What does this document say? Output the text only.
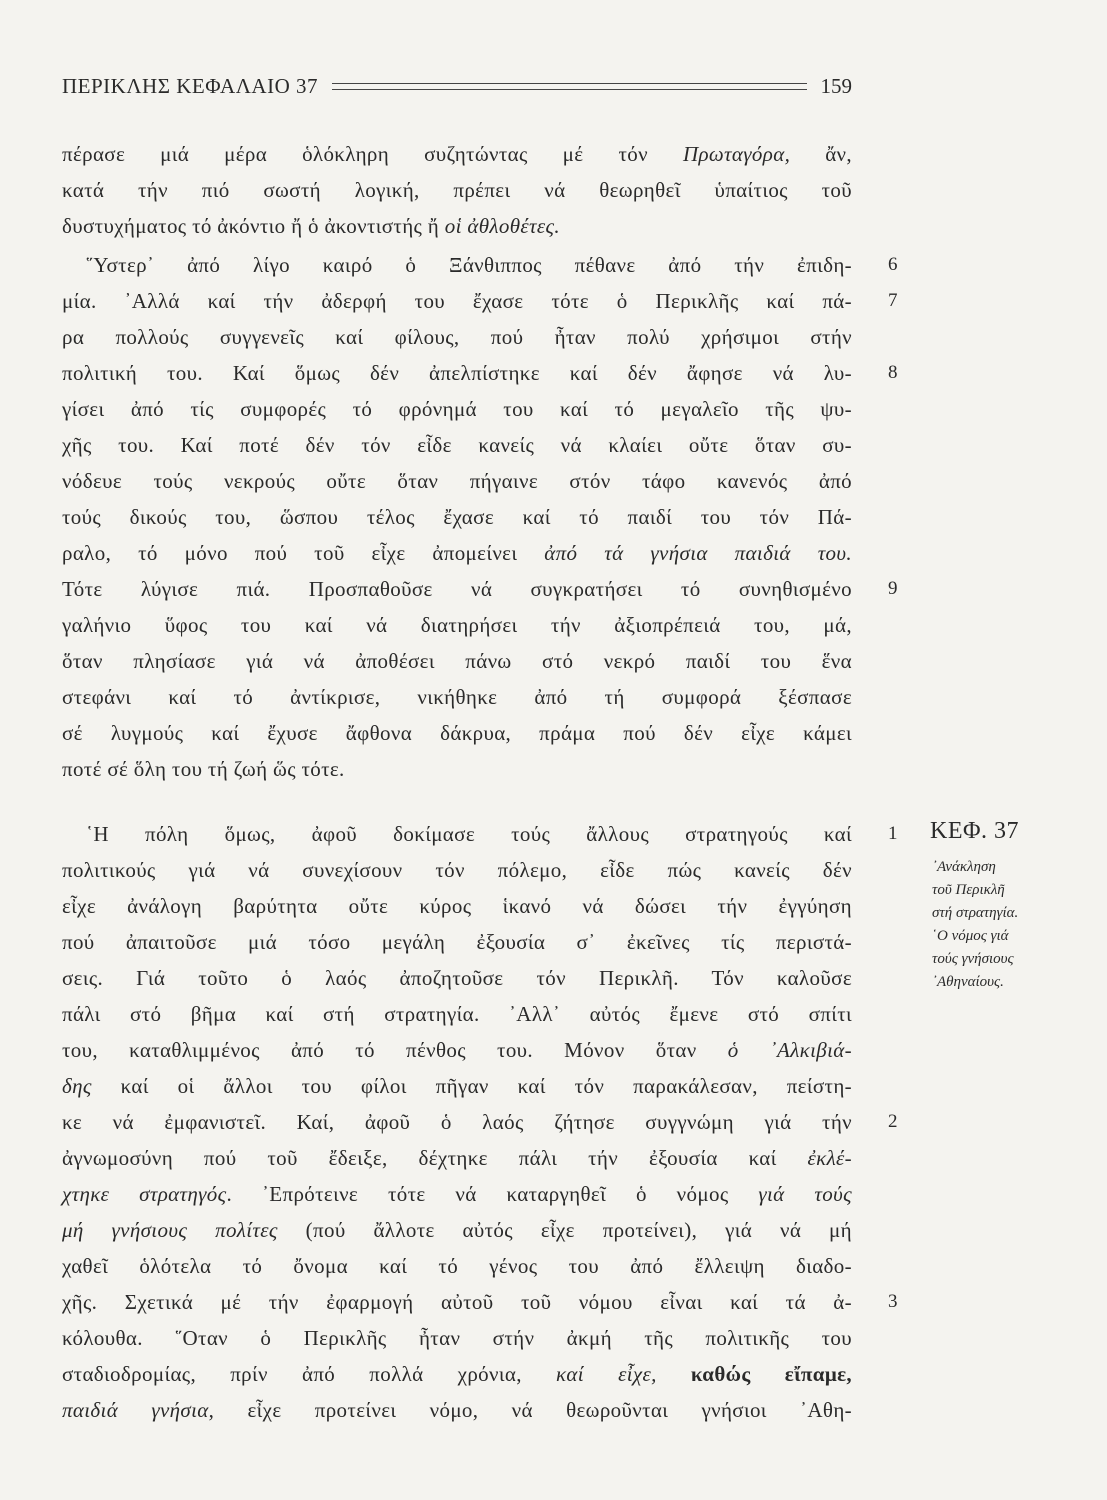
ΠΕΡΙΚΛΗΣ ΚΕΦΑΛΑΙΟ 37	159
πέρασε μιά μέρα ὁλόκληρη συζητώντας μέ τόν Πρωταγόρα, ἄν,
κατά τήν πιό σωστή λογική, πρέπει νά θεωρηθεῖ ὑπαίτιος τοῦ
δυστυχήματος τό ἀκόντιο ἤ ὁ ἀκοντιστής ἤ οἱ ἀθλοθέτες.
῞Υστερ᾽ ἀπό λίγο καιρό ὁ Ξάνθιππος πέθανε ἀπό τήν ἐπιδη-
μία. ᾿Αλλά καί τήν ἀδερφή του ἔχασε τότε ὁ Περικλῆς καί πά-
ρα πολλούς συγγενεῖς καί φίλους, πού ἦταν πολύ χρήσιμοι στήν
πολιτική του. Καί ὅμως δέν ἀπελπίστηκε καί δέν ἄφησε νά λυ-
γίσει ἀπό τίς συμφορές τό φρόνημά του καί τό μεγαλεῖο τῆς ψυ-
χῆς του. Καί ποτέ δέν τόν εἶδε κανείς νά κλαίει οὔτε ὅταν συ-
νόδευε τούς νεκρούς οὔτε ὅταν πήγαινε στόν τάφο κανενός ἀπό
τούς δικούς του, ὥσπου τέλος ἔχασε καί τό παιδί του τόν Πά-
ραλο, τό μόνο πού τοῦ εἶχε ἀπομείνει ἀπό τά γνήσια παιδιά του.
Τότε λύγισε πιά. Προσπαθοῦσε νά συγκρατήσει τό συνηθισμένο
γαλήνιο ὕφος του καί νά διατηρήσει τήν ἀξιοπρέπειά του, μά,
ὅταν πλησίασε γιά νά ἀποθέσει πάνω στό νεκρό παιδί του ἕνα
στεφάνι καί τό ἀντίκρισε, νικήθηκε ἀπό τή συμφορά ξέσπασε
σέ λυγμούς καί ἔχυσε ἄφθονα δάκρυα, πράμα πού δέν εἶχε κάμει
ποτέ σέ ὅλη του τή ζωή ὥς τότε.
῾Η πόλη ὅμως, ἀφοῦ δοκίμασε τούς ἄλλους στρατηγούς καί
πολιτικούς γιά νά συνεχίσουν τόν πόλεμο, εἶδε πώς κανείς δέν
εἶχε ἀνάλογη βαρύτητα οὔτε κύρος ἱκανό νά δώσει τήν ἐγγύηση
πού ἀπαιτοῦσε μιά τόσο μεγάλη ἐξουσία σ᾽ ἐκεῖνες τίς περιστά-
σεις. Γιά τοῦτο ὁ λαός ἀποζητοῦσε τόν Περικλῆ. Τόν καλοῦσε
πάλι στό βῆμα καί στή στρατηγία. ᾿Αλλ᾽ αὐτός ἔμενε στό σπίτι
του, καταθλιμμένος ἀπό τό πένθος του. Μόνον ὅταν ὁ ᾿Αλκιβιά-
δης καί οἱ ἄλλοι του φίλοι πῆγαν καί τόν παρακάλεσαν, πείστη-
κε νά ἐμφανιστεῖ. Καί, ἀφοῦ ὁ λαός ζήτησε συγγνώμη γιά τήν
ἀγνωμοσύνη πού τοῦ ἔδειξε, δέχτηκε πάλι τήν ἐξουσία καί ἐκλέ-
χτηκε στρατηγός. ᾿Επρότεινε τότε νά καταργηθεῖ ὁ νόμος γιά τούς
μή γνήσιους πολίτες (πού ἄλλοτε αὐτός εἶχε προτείνει), γιά νά μή
χαθεῖ ὁλότελα τό ὄνομα καί τό γένος του ἀπό ἔλλειψη διαδο-
χῆς. Σχετικά μέ τήν ἐφαρμογή αὐτοῦ τοῦ νόμου εἶναι καί τά ἀ-
κόλουθα. ῞Οταν ὁ Περικλῆς ἦταν στήν ἀκμή τῆς πολιτικῆς του
σταδιοδρομίας, πρίν ἀπό πολλά χρόνια, καί εἶχε, καθώς εἴπαμε,
παιδιά γνήσια, εἶχε προτείνει νόμο, νά θεωροῦνται γνήσιοι ᾿Αθη-
6
7
8
9
1
2
3
ΚΕΦ. 37
᾿Ανάκληση
τοῦ Περικλῆ
στή στρατηγία.
῾Ο νόμος γιά
τούς γνήσιους
᾿Αθηναίους.
